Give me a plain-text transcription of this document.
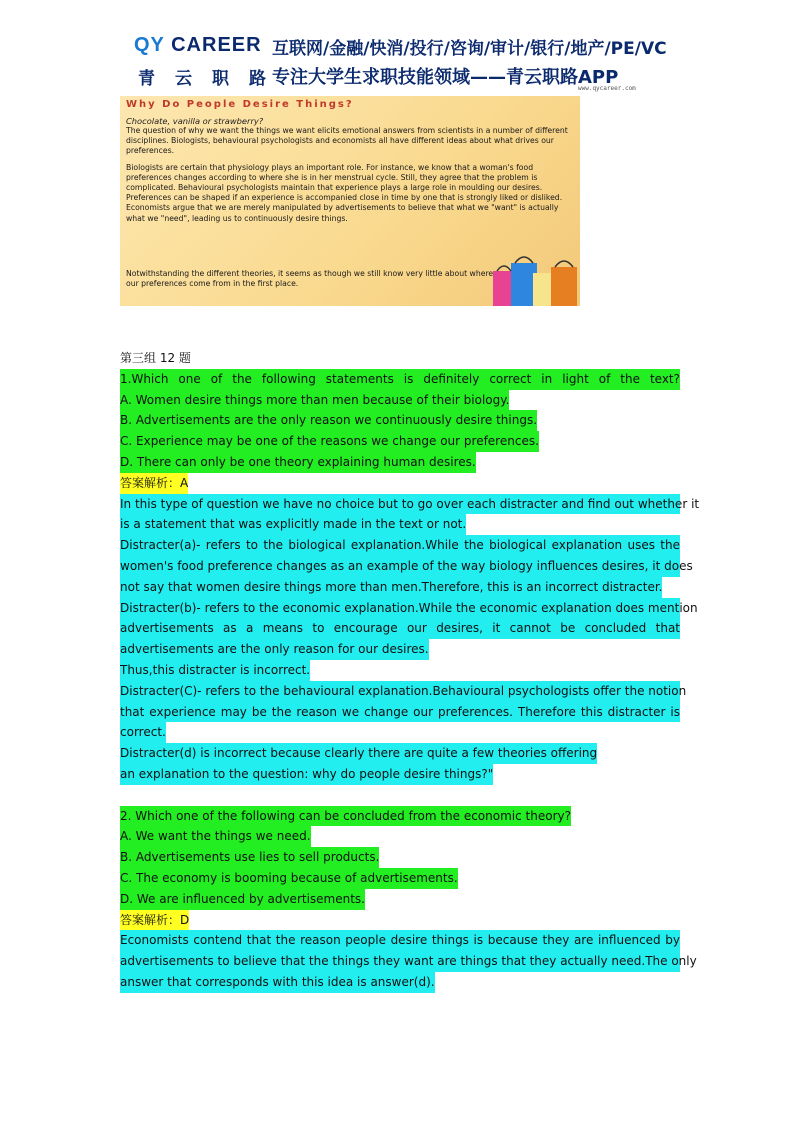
QY CAREER
青云职路
互联网/金融/快消/投行/咨询/审计/银行/地产/PE/VC
专注大学生求职技能领域——青云职路APP
www.qycareer.com
Why Do People Desire Things?
Chocolate, vanilla or strawberry?

The question of why we want the things we want elicits emotional answers from scientists in a number of different disciplines. Biologists, behavioural psychologists and economists all have different ideas about what drives our preferences.

Biologists are certain that physiology plays an important role. For instance, we know that a woman's food preferences changes according to where she is in her menstrual cycle. Still, they agree that the problem is complicated. Behavioural psychologists maintain that experience plays a large role in moulding our desires. Preferences can be shaped if an experience is accompanied close in time by one that is strongly liked or disliked. Economists argue that we are merely manipulated by advertisements to believe that what we "want" is actually what we "need", leading us to continuously desire things.

Notwithstanding the different theories, it seems as though we still know very little about where our preferences come from in the first place.
第三组 12 题
1.Which one of the following statements is definitely correct in light of the text?
A. Women desire things more than men because of their biology.
B. Advertisements are the only reason we continuously desire things.
C. Experience may be one of the reasons we change our preferences.
D. There can only be one theory explaining human desires.
答案解析：A
In this type of question we have no choice but to go over each distracter and find out whether it
is a statement that was explicitly made in the text or not.
Distracter(a)- refers to the biological explanation.While the biological explanation uses the
women's food preference changes as an example of the way biology influences desires, it does
not say that women desire things more than men.Therefore, this is an incorrect distracter.
Distracter(b)- refers to the economic explanation.While the economic explanation does mention
advertisements as a means to encourage our desires, it cannot be concluded that
advertisements are the only reason for our desires.
Thus,this distracter is incorrect.
Distracter(C)- refers to the behavioural explanation.Behavioural psychologists offer the notion
that experience may be the reason we change our preferences. Therefore this distracter is
correct.
Distracter(d) is incorrect because clearly there are quite a few theories offering
an explanation to the question: why do people desire things?"
2. Which one of the following can be concluded from the economic theory?
A. We want the things we need.
B. Advertisements use lies to sell products.
C. The economy is booming because of advertisements.
D. We are influenced by advertisements.
答案解析：D
Economists contend that the reason people desire things is because they are influenced by
advertisements to believe that the things they want are things that they actually need.The only
answer that corresponds with this idea is answer(d).
